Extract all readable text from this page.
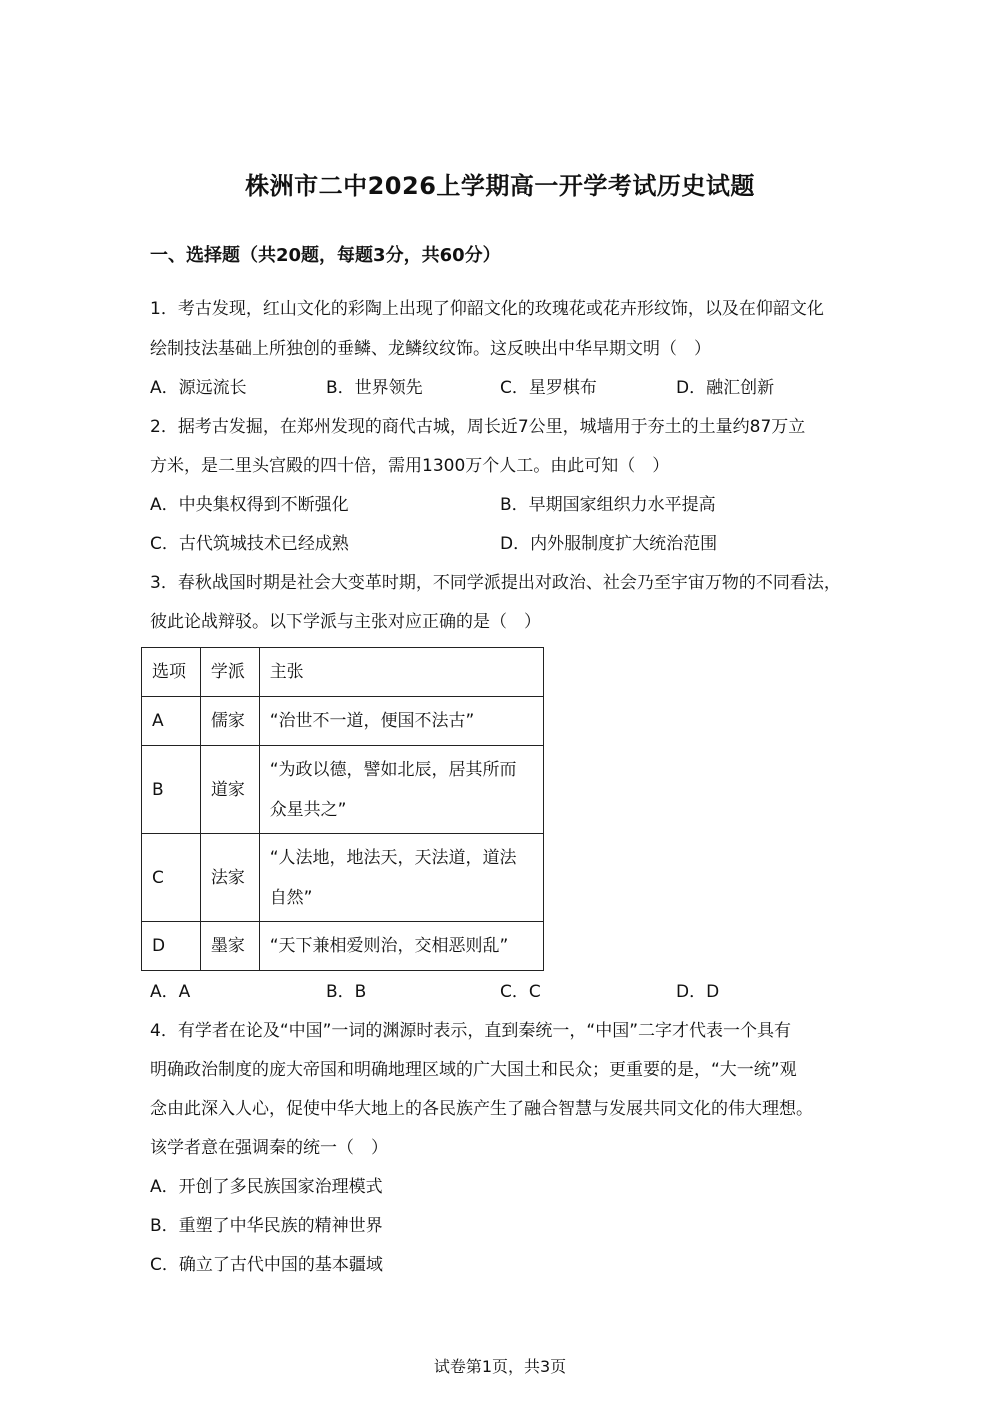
株洲市二中2026上学期高一开学考试历史试题
一、选择题（共20题，每题3分，共60分）
1．考古发现，红山文化的彩陶上出现了仰韶文化的玫瑰花或花卉形纹饰，以及在仰韶文化
绘制技法基础上所独创的垂鳞、龙鳞纹纹饰。这反映出中华早期文明（　）
A．源远流长	B．世界领先	C．星罗棋布	D．融汇创新
2．据考古发掘，在郑州发现的商代古城，周长近7公里，城墙用于夯土的土量约87万立
方米，是二里头宫殿的四十倍，需用1300万个人工。由此可知（　）
A．中央集权得到不断强化	B．早期国家组织力水平提高
C．古代筑城技术已经成熟	D．内外服制度扩大统治范围
3．春秋战国时期是社会大变革时期，不同学派提出对政治、社会乃至宇宙万物的不同看法，
彼此论战辩驳。以下学派与主张对应正确的是（　）
选项	学派	主张
A	儒家	“治世不一道，便国不法古”
B	道家	“为政以德，譬如北辰，居其所而
众星共之”

C	法家	“人法地，地法天，天法道，道法
自然”

D	墨家	“天下兼相爱则治，交相恶则乱”
A．A	B．B	C．C	D．D
4．有学者在论及“中国”一词的渊源时表示，直到秦统一，“中国”二字才代表一个具有
明确政治制度的庞大帝国和明确地理区域的广大国土和民众；更重要的是，“大一统”观
念由此深入人心，促使中华大地上的各民族产生了融合智慧与发展共同文化的伟大理想。
该学者意在强调秦的统一（　）
A．开创了多民族国家治理模式
B．重塑了中华民族的精神世界
C．确立了古代中国的基本疆域
试卷第1页，共3页
